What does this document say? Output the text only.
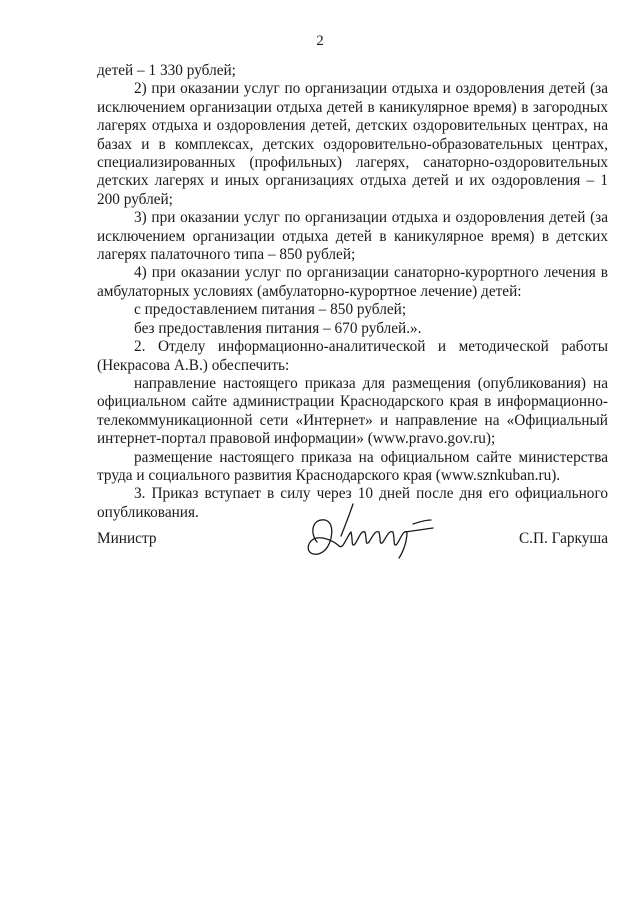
2

детей – 1 330 рублей;

2) при оказании услуг по организации отдыха и оздоровления детей (за исключением организации отдыха детей в каникулярное время) в загородных лагерях отдыха и оздоровления детей, детских оздоровительных центрах, на базах и в комплексах, детских оздоровительно-образовательных центрах, специализированных (профильных) лагерях, санаторно-оздоровительных детских лагерях и иных организациях отдыха детей и их оздоровления – 1 200 рублей;

3) при оказании услуг по организации отдыха и оздоровления детей (за исключением организации отдыха детей в каникулярное время) в детских лагерях палаточного типа – 850 рублей;

4) при оказании услуг по организации санаторно-курортного лечения в амбулаторных условиях (амбулаторно-курортное лечение) детей:

с предоставлением питания – 850 рублей;

без предоставления питания – 670 рублей.».

2. Отделу информационно-аналитической и методической работы (Некрасова А.В.) обеспечить:

направление настоящего приказа для размещения (опубликования) на официальном сайте администрации Краснодарского края в информационно-телекоммуникационной сети «Интернет» и направление на «Официальный интернет-портал правовой информации» (www.pravo.gov.ru);

размещение настоящего приказа на официальном сайте министерства труда и социального развития Краснодарского края (www.sznkuban.ru).

3. Приказ вступает в силу через 10 дней после дня его официального опубликования.

Министр	С.П. Гаркуша
